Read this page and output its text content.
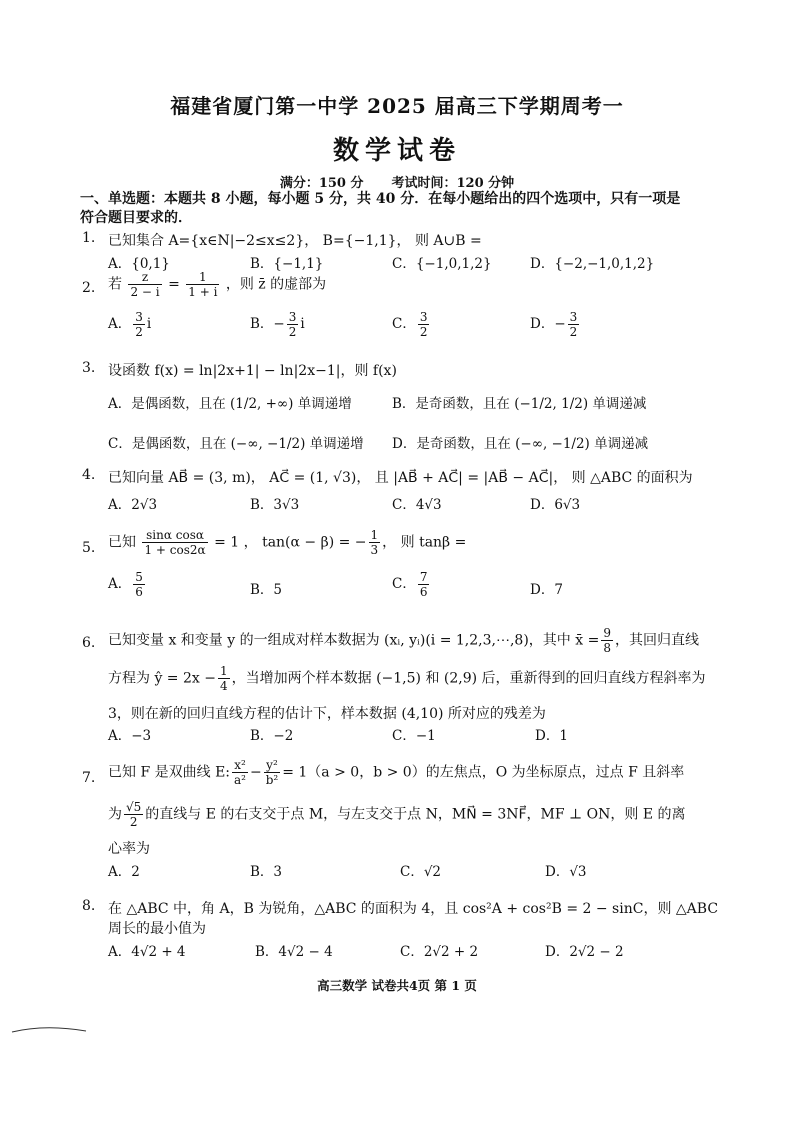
福建省厦门第一中学 2025 届高三下学期周考一
数学试卷
满分：150 分 考试时间：120 分钟
一、单选题：本题共 8 小题，每小题 5 分，共 40 分．在每小题给出的四个选项中，只有一项是符合题目要求的．
1. 已知集合 A={x∈N|−2≤x≤2}， B={−1,1}， 则 A∪B =
A．{0,1}	B．{−1,1}	C．{−1,0,1,2}	D．{−2,−1,0,1,2}
2. 若 $\frac{z}{2 - i} = \frac{1}{1 + i}$ ，则 z̄ 的虚部为
A． $\frac{3}{2}$ i	B．− $\frac{3}{2}$ i	C． $\frac{3}{2}$	D．− $\frac{3}{2}$
3. 设函数 f(x) = ln|2x+1| − ln|2x−1|，则 f(x)
A．是偶函数，且在 (1/2, +∞) 单调递增	B．是奇函数，且在 (−1/2, 1/2) 单调递减
C．是偶函数，且在 (−∞, −1/2) 单调递增 D．是奇函数，且在 (−∞, −1/2) 单调递减
4. 已知向量 AB⃗ = (3, m)， AC⃗ = (1, √3)， 且 |AB⃗ + AC⃗| = |AB⃗ − AC⃗|， 则 △ABC 的面积为
A．2√3	B．3√3	C．4√3	D．6√3
5. 已知 $\frac{\text{sinα cosα}}{1 + \cos 2\alpha} = 1$ ， tan(α − β) = − $\frac{1}{3}$ ， 则 tanβ =
A． $\frac{5}{6}$	B．5	C． $\frac{7}{6}$	D．7
6. 已知变量 x 和变量 y 的一组成对样本数据为 (xᵢ, yᵢ)(i = 1,2,3,⋯,8)，其中 x̄ = $\frac{9}{8}$ ，其回归直线
方程为 ŷ = $2x - \frac{1}{4}$ ，当增加两个样本数据 (−1,5) 和 (2,9) 后，重新得到的回归直线方程斜率为
3，则在新的回归直线方程的估计下，样本数据 (4,10) 所对应的残差为
A．−3	B．−2	C．−1	D．1
7. 已知 F 是双曲线 E: $\frac{\text{x²}}{\text{a²}} - \frac{\text{y²}}{\text{b²}} = 1(a > 0$，b > 0）的左焦点，O 为坐标原点，过点 F 且斜率
为 $\frac{√5}{2}$ 的直线与 E 的右支交于点 M，与左支交于点 N，MN⃗ = 3NF⃗，MF ⊥ ON，则 E 的离
心率为
A．2	B．3	C．√2	D．√3
8. 在 △ABC 中，角 A，B 为锐角，△ABC 的面积为 4，且 cos²A + cos²B = 2 − sinC，则 △ABC
周长的最小值为
A．4√2 + 4	B．4√2 − 4	C．2√2 + 2	D．2√2 − 2
高三数学 试卷共4页 第 1 页
